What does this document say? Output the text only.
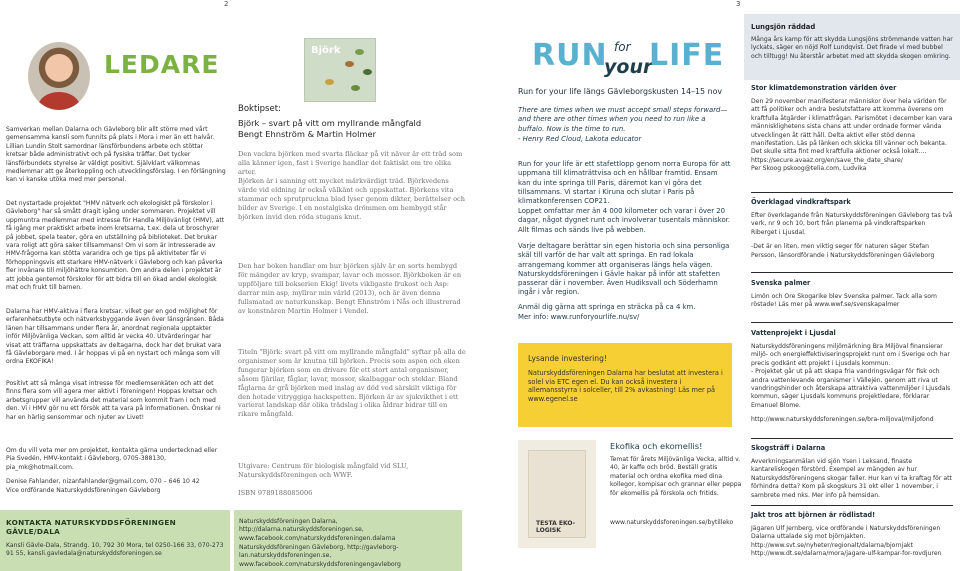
2	3
LEDARE
Samverkan mellan Dalarna och Gävleborg blir allt större med vårt gemensamma kansli som funnits på plats i Mora i mer än ett halvår. Lillian Lundin Stolt samordnar länsförbundens arbete och stöttar kretsar både administrativt och på fysiska träffar. Det tycker länsförbundets styrelse är väldigt positivt. Självklart välkomnas medlemmar att ge återkoppling och utvecklingsförslag. I en förlängning kan vi kanske utöka med mer personal.
Det nystartade projektet "HMV nätverk och ekologiskt på förskolor i Gävleborg" har så smått dragit igång under sommaren. Projektet vill uppmuntra medlemmar med intresse för Handla Miljövänligt (HMV), att få igång mer praktiskt arbete inom kretsarna, t.ex. dela ut broschyrer på jobbet, spela teater, göra en utställning på biblioteket. Det brukar vara roligt att göra saker tillsammans! Om vi som är intresserade av HMV-frågorna kan stötta varandra och ge tips på aktiviteter får vi förhoppningsvis ett starkare HMV-nätverk i Gävleborg och kan påverka fler invånare till miljöhättre konsumtion. Om andra delen i projektet är att jobba gentemot förskolor för att bidra till en ökad andel ekologisk mat och frukt till barnen.
Dalarna har HMV-aktiva i flera kretsar, vilket ger en god möjlighet för erfarenhetsutbyte och nätverksbyggande även över länsgränsen. Båda länen har tillsammans under flera år, anordnat regionala upptakter inför Miljövänliga Veckan, som alltid är vecka 40. Utvärderingar har visat att träffarna uppskattats av deltagarna, dock har det brukat vara få Gävleborgare med. I år hoppas vi på en nystart och många som vill ordna EKOFIKA!
Positivt att så många visat intresse för medlemsenkäten och att det finns flera som vill agera mer aktivt i föreningen! Hoppas kretsar och arbetsgrupper vill använda det material som kommit fram i och med den. Vi i HMV gör nu ett försök att ta vara på informationen. Önskar ni har en härlig sensommar och njuter av Livet!
Om du vill veta mer om projektet, kontakta gärna undertecknad eller Pia Svedén, HMV-kontakt i Gävleborg, 0705-388130, pia_mk@hotmail.com.
Denise Fahlander, nizanfahlander@gmail.com, 070 – 646 10 42
Vice ordförande Naturskyddsföreningen Gävleborg
KONTAKTA NATURSKYDDSFÖRENINGEN GÄVLE/DALA
Kansli Gävle-Dala, Strandg. 10, 792 30 Mora, tel 0250-166 33, 070-273 91 55, kansli.gavledala@naturskyddsforeningen.se
Björk
Boktipset:
Björk – svart på vitt om myllrande mångfald
Bengt Ehnström & Martin Holmer
Den vackra björken med svarta fläckar på vit näver är ett träd som alla känner igen, fast i Sverige handlar det faktiskt om tre olika arter.
Björken är i sanning ett mycket märkvärdigt träd. Björkvedens värde vid eldning är också välkänt och uppskattat. Björkens vita stammar och sprutpruckna blad lyser genom dikter, berättelser och bilder av Sverige. I en nostalgiska drömmen om hembygd står björken invid den röda stugans knut.
Den har boken handlar om hur björken själv är en sorts hembygd för mängder av kryp, svampar, lavar och mossor. Björkboken är en uppföljare till bokserien Ekig! livets vikligaste frukost och Asp: darrar min asp, myllrar min värld (2013), och är även denna fullsmatad av naturkunskap. Bengt Ehnström i Nås och illustrerad av konstnären Martin Holmer i Vendel.
Titeln "Björk: svart på vitt om myllrande mångfald" syftar på alla de organismer som är knutna till björken. Precis som aspen och eken fungerar björken som en drivare för ett stort antal organismer, såsom fjärilar, fåglar, lavar, mossor, skalbaggar och steklar. Bland fåglarna är grå björken med inslag av död ved särskilt viktiga för den hotade vitryggiga hackspetten. Björken är av sjukvikthet i ett varierat landskap där olika trädslag i olika åldrar bidrar till en rikare mångfald.
Utgivare: Centrum för biologisk mångfald vid SLU, Naturskyddsföreningen och WWF.
ISBN 9789188085006
Naturskyddsföreningen Dalarna, http://dalarna.naturskyddsforeningen.se, www.facebook.com/naturskyddsforeningen.dalarna
Naturskyddsföreningen Gävleborg, http://gavleborg-lan.naturskyddsforeningen.se, www.facebook.com/naturskyddsforeningengavleborg
RUN for
your
LIFE
Run for your life längs Gävleborgskusten 14–15 nov
There are times when we must accept small steps forward—and there are other times when you need to run like a buffalo. Now is the time to run.
- Henry Red Cloud, Lakota educator
Run for your life är ett stafettlopp genom norra Europa för att uppmana till klimaträttvisa och en hållbar framtid. Ensam kan du inte springa till Paris, däremot kan vi göra det tillsammans. Vi startar i Kiruna och slutar i Paris på klimatkonferensen COP21.
Loppet omfattar mer än 4 000 kilometer och varar i över 20 dagar, något dygnet runt och involverar tusentals människor. Allt filmas och sänds live på webben.
Varje deltagare berättar sin egen historia och sina personliga skäl till varför de har valt att springa. En rad lokala arrangemang kommer att organiseras längs hela vägen. Naturskyddsföreningen i Gävle hakar på inför att stafetten passerar där i november. Även Hudiksvall och Söderhamn ingår i vår region.
Anmäl dig gärna att springa en sträcka på ca 4 km.
Mer info: www.runforyourlife.nu/sv/
Lysande investering!
Naturskyddsföreningen Dalarna har beslutat att investera i solel via ETC egen el. Du kan också investera i allemansstyrra i solceller, till 2% avkastning! Läs mer på www.egenel.se
TESTA EKO-LOGISK
Ekofika och ekomellis!
Temat för årets Miljövänliga Vecka, alltid v. 40, är kaffe och bröd. Beställ gratis material och ordna ekofika med dina kollegor, kompisar och grannar eller peppa för ekomellis på förskola och fritids.
www.naturskyddsforeningen.se/bytilleko
Lungsjön räddad
Många års kamp för att skydda Lungsjöns strömmande vatten har lyckats, säger en nöjd Rolf Lundqvist. Det firade vi med bubbel och tilltugg! Nu återstår arbetet med att skydda skogen omkring.
Stor klimatdemonstration världen över
Den 29 november manifesterar människor över hela världen för att få politiker och andra beslutsfattare att komma överens om kraftfulla åtgärder i klimatfrågan. Parismötet i december kan vara människlighetens sista chans att under ordnade former vända utvecklingen åt rätt håll. Delta aktivt eller stöd denna manifestation. Läs på länken och skicka till vänner och bekanta. Det skulle sitta fint med kraftfulla aktioner också lokalt....
https://secure.avaaz.org/en/save_the_date_share/
Per Skoog pskoog@telia.com, Ludvika
Överklagad vindkraftspark
Efter överklagande från Naturskyddsföreningen Gävleborg tas två verk, nr 9 och 10, bort från planerna på vindkraftsparken Riberget i Ljusdal.
-Det är en liten, men viktig seger för naturen säger Stefan Persson, länsordförande i Naturskyddsföreningen Gävleborg
Svenska palmer
Limön och Ore Skogarike blev Svenska palmer. Tack alla som röstade! Läs mer på www.wwf.se/svenskapalmer
Vattenprojekt i Ljusdal
Naturskyddsföreningens miljömärkning Bra Miljöval finansierar miljö- och energieffektiviseringsprojekt runt om i Sverige och har precis godkänt ett projekt i Ljusdals kommun.
- Projektet går ut på att skapa fria vandringsvägar för fisk och andra vattenlevande organismer i Vällején, genom att riva ut vandringshinder och återskapa attraktiva vattenmiljöer i Ljusdals kommun, säger Ljusdals kommuns projektledare, förklarar Emanuel Blome.
http://www.naturskyddsforeningen.se/bra-miljoval/miljofond
Skogsträff i Dalarna
Avverkningsanmälan vid sjön Ysen i Leksand, finaste kantareliskogen förstörd. Exempel av mängden av hur Naturskyddsföreningens skogar faller. Hur kan vi ta kraftag för att förhindra detta? Kom på skogskurs 31 okt eller 1 november, i sambrete med nks. Mer info på hemsidan.
Jakt tros att björnen är rödlistad!
Jägaren Ulf Jernberg, vice ordförande i Naturskyddsföreningen Dalarna uttalade sig mot björnjakten.
http://www.svt.se/nyheter/regionalt/dalarna/bjornjakt
http://www.dt.se/dalarna/mora/jagare-ulf-kampar-for-rovdjuren
